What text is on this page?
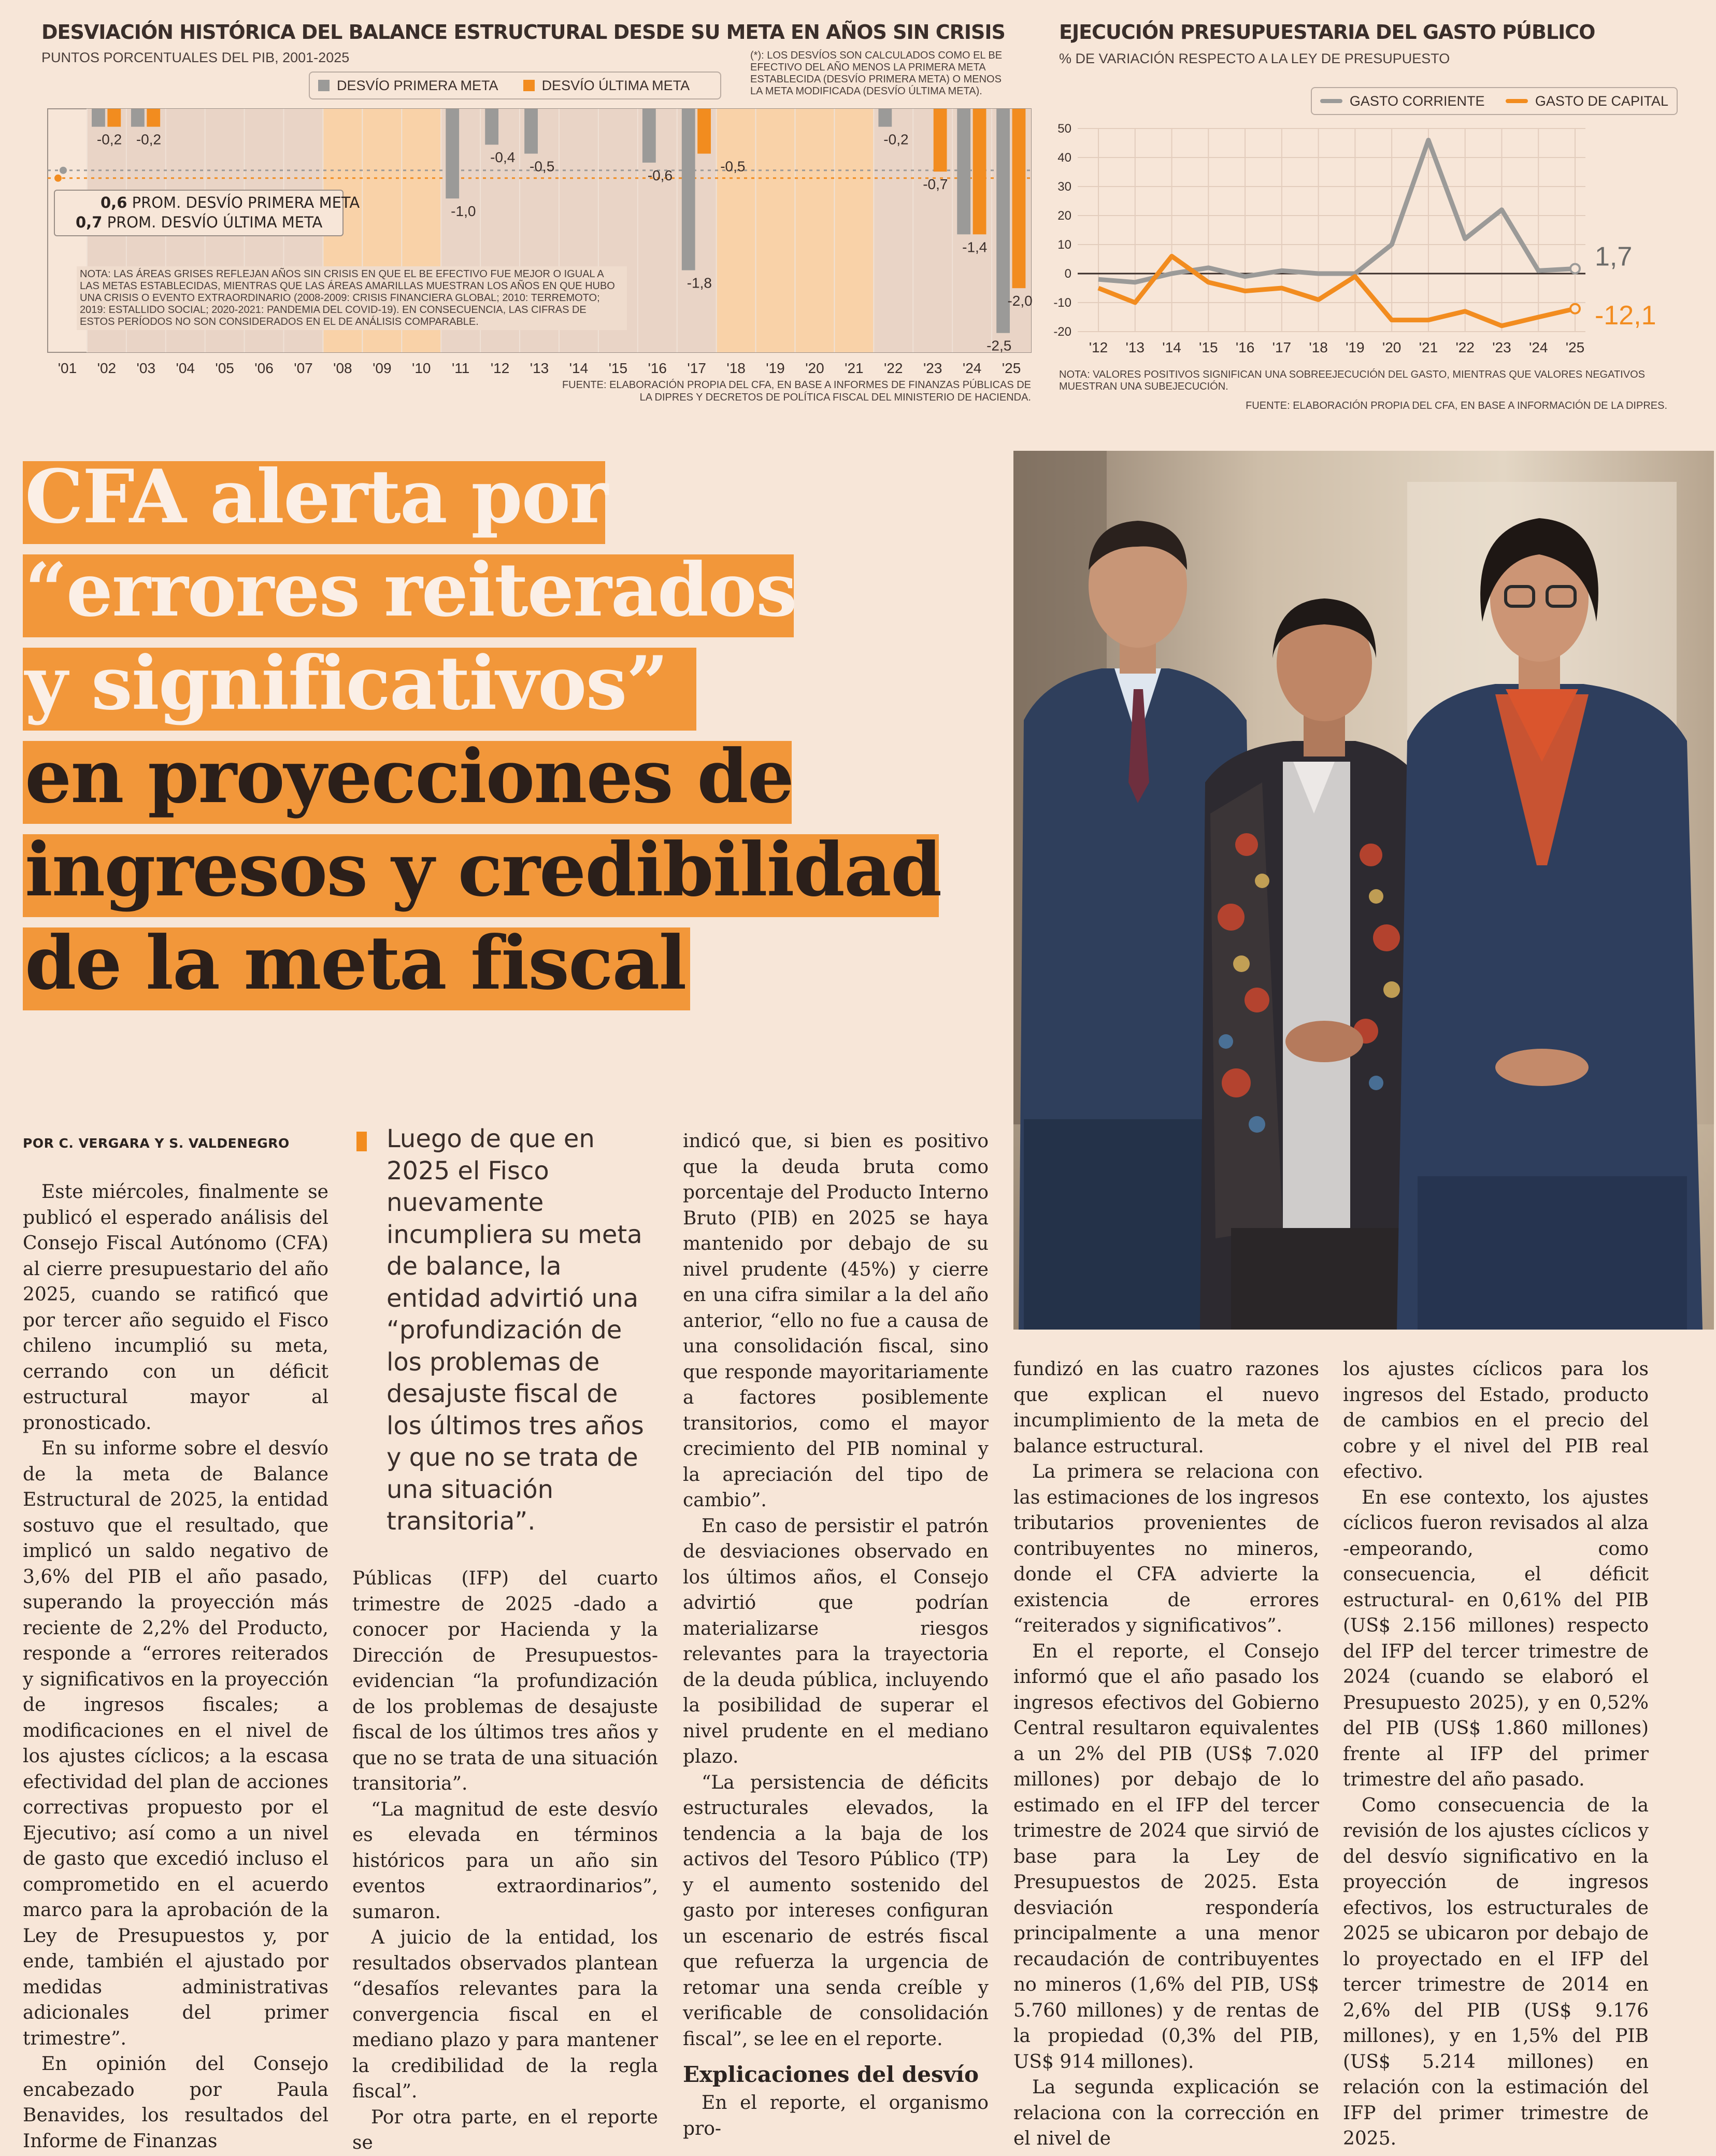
DESVIACIÓN HISTÓRICA DEL BALANCE ESTRUCTURAL DESDE SU META EN AÑOS SIN CRISIS
PUNTOS PORCENTUALES DEL PIB, 2001-2025	(*): LOS DESVÍOS SON CALCULADOS COMO EL BE EFECTIVO DEL AÑO MENOS LA PRIMERA META ESTABLECIDA (DESVÍO PRIMERA META) O MENOS LA META MODIFICADA (DESVÍO ÚLTIMA META).
DESVÍO PRIMERA META	DESVÍO ÚLTIMA META
-0,2 -0,2
-1,0
-0,4
-0,5
-0,6
-1,8
-0,5
-0,2
-0,7
-1,4
-2,0
-2,5
'01 '02 '03 '04 '05 '06 '07 '08 '09 '10 '11 '12 '13 '14 '15 '16 '17 '18 '19 '20 '21 '22 '23 '24 '25
0,6 PROM. DESVÍO PRIMERA META
0,7 PROM. DESVÍO ÚLTIMA META
NOTA: LAS ÁREAS GRISES REFLEJAN AÑOS SIN CRISIS EN QUE EL BE EFECTIVO FUE MEJOR O IGUAL A LAS METAS ESTABLECIDAS, MIENTRAS QUE LAS ÁREAS AMARILLAS MUESTRAN LOS AÑOS EN QUE HUBO UNA CRISIS O EVENTO EXTRAORDINARIO (2008-2009: CRISIS FINANCIERA GLOBAL; 2010: TERREMOTO; 2019: ESTALLIDO SOCIAL; 2020-2021: PANDEMIA DEL COVID-19). EN CONSECUENCIA, LAS CIFRAS DE ESTOS PERÍODOS NO SON CONSIDERADOS EN EL DE ANÁLISIS COMPARABLE.
FUENTE: ELABORACIÓN PROPIA DEL CFA, EN BASE A INFORMES DE FINANZAS PÚBLICAS DE
LA DIPRES Y DECRETOS DE POLÍTICA FISCAL DEL MINISTERIO DE HACIENDA.
EJECUCIÓN PRESUPUESTARIA DEL GASTO PÚBLICO
% DE VARIACIÓN RESPECTO A LA LEY DE PRESUPUESTO
GASTO CORRIENTE	GASTO DE CAPITAL
50
40
30
20
10
0
-10
-20
'12 '13 '14 '15 '16 '17 '18 '19 '20 '21 '22 '23 '24 '25
1,7
-12,1
NOTA: VALORES POSITIVOS SIGNIFICAN UNA SOBREEJECUCIÓN DEL GASTO, MIENTRAS QUE VALORES NEGATIVOS MUESTRAN UNA SUBEJECUCIÓN.
FUENTE: ELABORACIÓN PROPIA DEL CFA, EN BASE A INFORMACIÓN DE LA DIPRES.
CFA alerta por
“errores reiterados
y significativos”
en proyecciones de
ingresos y credibilidad
de la meta fiscal
POR C. VERGARA Y S. VALDENEGRO

Este miércoles, finalmente se publicó el esperado análisis del Consejo Fiscal Autónomo (CFA) al cierre presupuestario del año 2025, cuando se ratificó que por tercer año seguido el Fisco chileno incumplió su meta, cerrando con un déficit estructural mayor al pronosticado.

En su informe sobre el desvío de la meta de Balance Estructural de 2025, la entidad sostuvo que el resultado, que implicó un saldo negativo de 3,6% del PIB el año pasado, superando la proyección más reciente de 2,2% del Producto, responde a “errores reiterados y significativos en la proyección de ingresos fiscales; a modificaciones en el nivel de los ajustes cíclicos; a la escasa efectividad del plan de acciones correctivas propuesto por el Ejecutivo; así como a un nivel de gasto que excedió incluso el comprometido en el acuerdo marco para la aprobación de la Ley de Presupuestos y, por ende, también el ajustado por medidas administrativas adicionales del primer trimestre”.

En opinión del Consejo encabezado por Paula Benavides, los resultados del Informe de Finanzas

Luego de que en 2025 el Fisco nuevamente incumpliera su meta de balance, la entidad advirtió una “profundización de los problemas de desajuste fiscal de los últimos tres años y que no se trata de una situación transitoria”.

Públicas (IFP) del cuarto trimestre de 2025 -dado a conocer por Hacienda y la Dirección de Presupuestos- evidencian “la profundización de los problemas de desajuste fiscal de los últimos tres años y que no se trata de una situación transitoria”.

“La magnitud de este desvío es elevada en términos históricos para un año sin eventos extraordinarios”, sumaron.

A juicio de la entidad, los resultados observados plantean “desafíos relevantes para la convergencia fiscal en el mediano plazo y para mantener la credibilidad de la regla fiscal”.

Por otra parte, en el reporte se

indicó que, si bien es positivo que la deuda bruta como porcentaje del Producto Interno Bruto (PIB) en 2025 se haya mantenido por debajo de su nivel prudente (45%) y cierre en una cifra similar a la del año anterior, “ello no fue a causa de una consolidación fiscal, sino que responde mayoritariamente a factores posiblemente transitorios, como el mayor crecimiento del PIB nominal y la apreciación del tipo de cambio”.

En caso de persistir el patrón de desviaciones observado en los últimos años, el Consejo advirtió que podrían materializarse riesgos relevantes para la trayectoria de la deuda pública, incluyendo la posibilidad de superar el nivel prudente en el mediano plazo.

“La persistencia de déficits estructurales elevados, la tendencia a la baja de los activos del Tesoro Público (TP) y el aumento sostenido del gasto por intereses configuran un escenario de estrés fiscal que refuerza la urgencia de retomar una senda creíble y verificable de consolidación fiscal”, se lee en el reporte.

Explicaciones del desvío

En el reporte, el organismo pro-

fundizó en las cuatro razones que explican el nuevo incumplimiento de la meta de balance estructural.

La primera se relaciona con las estimaciones de los ingresos tributarios provenientes de contribuyentes no mineros, donde el CFA advierte la existencia de errores “reiterados y significativos”.

En el reporte, el Consejo informó que el año pasado los ingresos efectivos del Gobierno Central resultaron equivalentes a un 2% del PIB (US$ 7.020 millones) por debajo de lo estimado en el IFP del tercer trimestre de 2024 que sirvió de base para la Ley de Presupuestos de 2025. Esta desviación respondería principalmente a una menor recaudación de contribuyentes no mineros (1,6% del PIB, US$ 5.760 millones) y de rentas de la propiedad (0,3% del PIB, US$ 914 millones).

La segunda explicación se relaciona con la corrección en el nivel de

los ajustes cíclicos para los ingresos del Estado, producto de cambios en el precio del cobre y el nivel del PIB real efectivo.

En ese contexto, los ajustes cíclicos fueron revisados al alza -empeorando, como consecuencia, el déficit estructural- en 0,61% del PIB (US$ 2.156 millones) respecto del IFP del tercer trimestre de 2024 (cuando se elaboró el Presupuesto 2025), y en 0,52% del PIB (US$ 1.860 millones) frente al IFP del primer trimestre del año pasado.

Como consecuencia de la revisión de los ajustes cíclicos y del desvío significativo en la proyección de ingresos efectivos, los estructurales de 2025 se ubicaron por debajo de lo proyectado en el IFP del tercer trimestre de 2014 en 2,6% del PIB (US$ 9.176 millones), y en 1,5% del PIB (US$ 5.214 millones) en relación con la estimación del IFP del primer trimestre de 2025.
